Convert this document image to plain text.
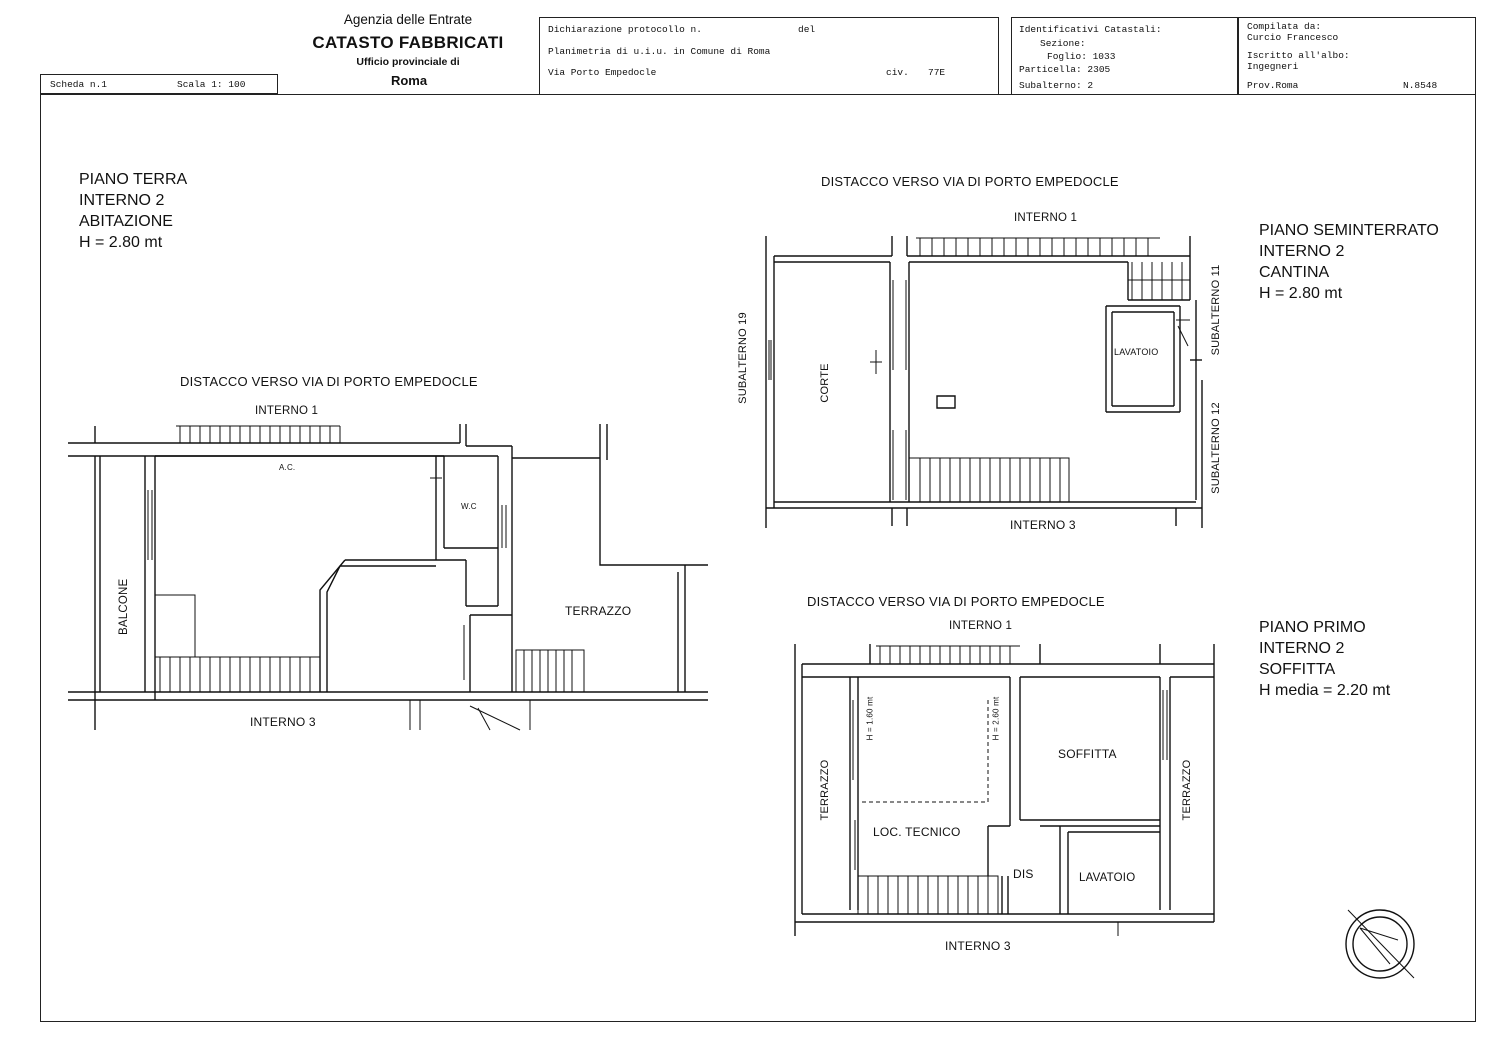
Scheda n.1	Scala 1: 100
Agenzia delle Entrate
CATASTO FABBRICATI
Ufficio provinciale di
Roma
Dichiarazione protocollo n.	del
Planimetria di u.i.u. in Comune di Roma
Via Porto Empedocle	civ. 77E
Identificativi Catastali:
Sezione:
Foglio: 1033
Particella: 2305
Subalterno: 2
Compilata da:
Curcio Francesco
Iscritto all'albo:
Ingegneri
Prov.Roma	N.8548
PIANO TERRA
INTERNO 2
ABITAZIONE
H = 2.80 mt
DISTACCO VERSO VIA DI PORTO EMPEDOCLE
INTERNO 1
A.C.
W.C
BALCONE	TERRAZZO
INTERNO 3
DISTACCO VERSO VIA DI PORTO EMPEDOCLE
INTERNO 1
PIANO SEMINTERRATO
INTERNO 2
CANTINA
H = 2.80 mt
SUBALTERNO 19	CORTE
LAVATOIO	SUBALTERNO 11
SUBALTERNO 12
INTERNO 3
DISTACCO VERSO VIA DI PORTO EMPEDOCLE
INTERNO 1	PIANO PRIMO
INTERNO 2
SOFFITTA
H media = 2.20 mt
H = 1.60 mt	H = 2.60 mt
TERRAZZO
SOFFITTA
TERRAZZO
LOC. TECNICO
DIS	LAVATOIO
INTERNO 3
